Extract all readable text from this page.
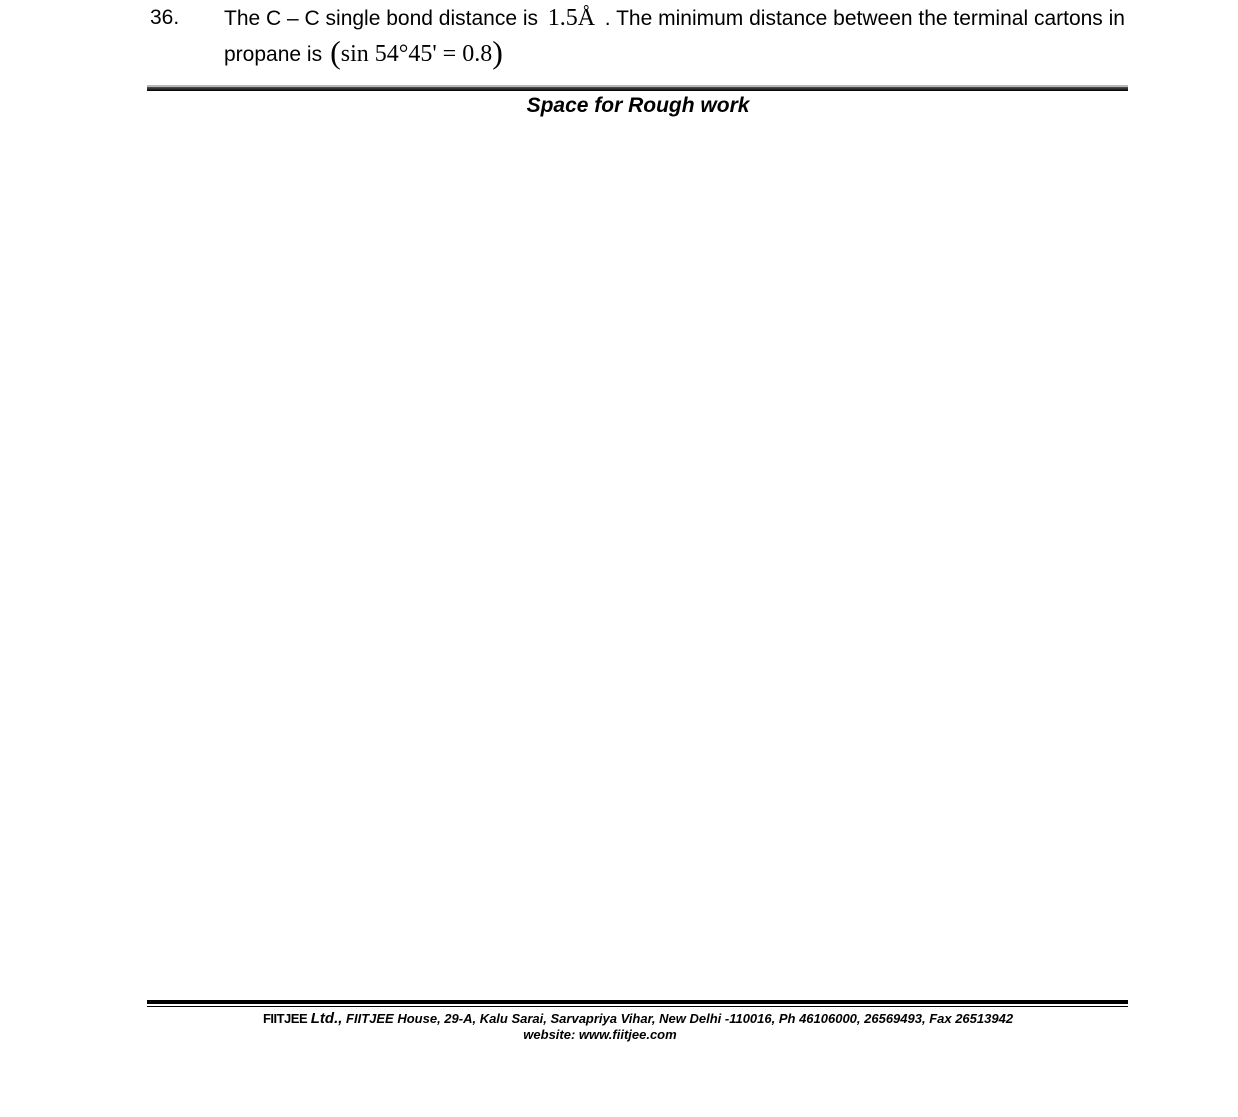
36. The C – C single bond distance is 1.5Å . The minimum distance between the terminal cartons in
propane is ( sin 54°45' = 0.8 )
Space for Rough work
FIITJEE Ltd., FIITJEE House, 29-A, Kalu Sarai, Sarvapriya Vihar, New Delhi -110016, Ph 46106000, 26569493, Fax 26513942
website: www.fiitjee.com
